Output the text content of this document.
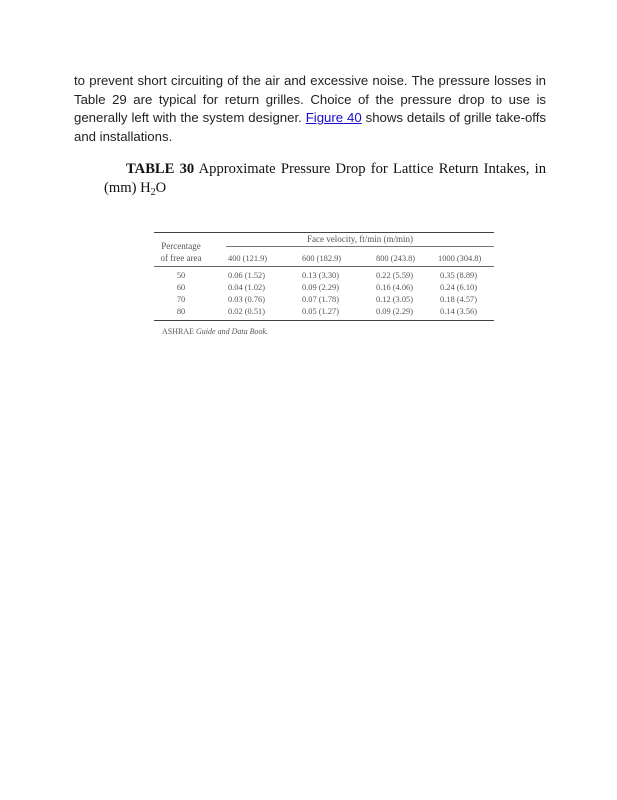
to prevent short circuiting of the air and excessive noise. The pressure losses in Table 29 are typical for return grilles. Choice of the pressure drop to use is generally left with the system designer. Figure 40 shows details of grille take-offs and installations.

TABLE 30 Approximate Pressure Drop for Lattice Return Intakes, in (mm) $H_2O$

Percentage
of free area
Face velocity, ft/min (m/min)
400 (121.9)	600 (182.9)	800 (243.8)	1000 (304.8)
50	0.06 (1.52)	0.13 (3.30)	0.22 (5.59)	0.35 (8.89)
60	0.04 (1.02)	0.09 (2.29)	0.16 (4.06)	0.24 (6.10)
70	0.03 (0.76)	0.07 (1.78)	0.12 (3.05)	0.18 (4.57)
80	0.02 (0.51)	0.05 (1.27)	0.09 (2.29)	0.14 (3.56)
ASHRAE Guide and Data Book.
